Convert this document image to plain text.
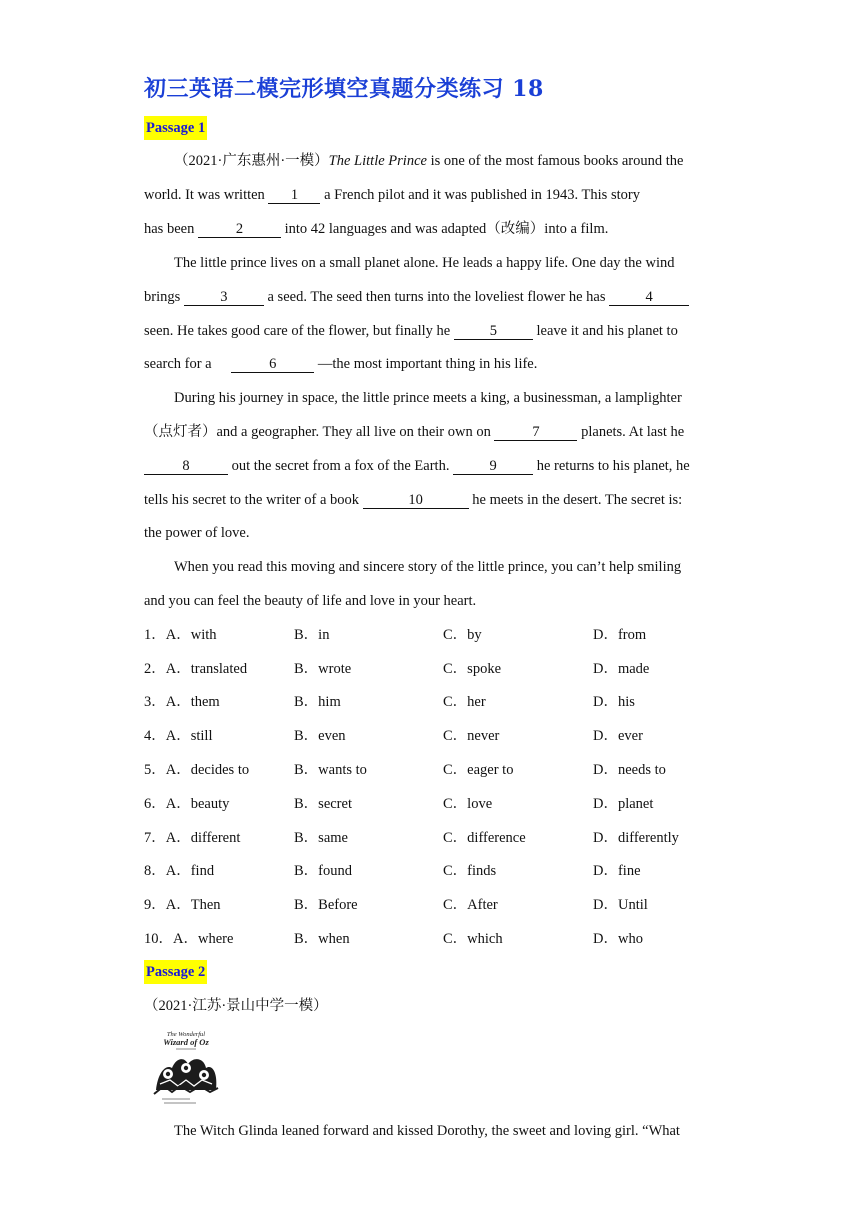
初三英语二模完形填空真题分类练习 18
Passage 1
（2021·广东惠州·一模）The Little Prince is one of the most famous books around the
world. It was written 1 a French pilot and it was published in 1943. This story
has been	2	into 42 languages and was adapted（改编）into a film.
The little prince lives on a small planet alone. He leads a happy life. One day the wind
brings	3	a seed. The seed then turns into the loveliest flower he has	4
seen. He takes good care of the flower, but finally he 5 leave it and his planet to
search for a	6	—the most important thing in his life.
During his journey in space, the little prince meets a king, a businessman, a lamplighter
（点灯者）and a geographer. They all live on their own on	7	planets. At last he
8	out the secret from a fox of the Earth.	9	he returns to his planet, he
tells his secret to the writer of a book	10	he meets in the desert. The secret is:
the power of love.
When you read this moving and sincere story of the little prince, you can’t help smiling
and you can feel the beauty of life and love in your heart.
1．A．with	B．in	C．by	D．from
2．A．translated	B．wrote	C．spoke	D．made
3．A．them	B．him	C．her	D．his
4．A．still	B．even	C．never	D．ever
5．A．decides to	B．wants to	C．eager to	D．needs to
6．A．beauty	B．secret	C．love	D．planet
7．A．different	B．same	C．difference	D．differently
8．A．find	B．found	C．finds	D．fine
9．A．Then	B．Before	C．After	D．Until
10．A．where	B．when	C．which	D．who
Passage 2
（2021·江苏·景山中学一模）
The Wonderful
Wizard of Oz
The Witch Glinda leaned forward and kissed Dorothy, the sweet and loving girl. “What
